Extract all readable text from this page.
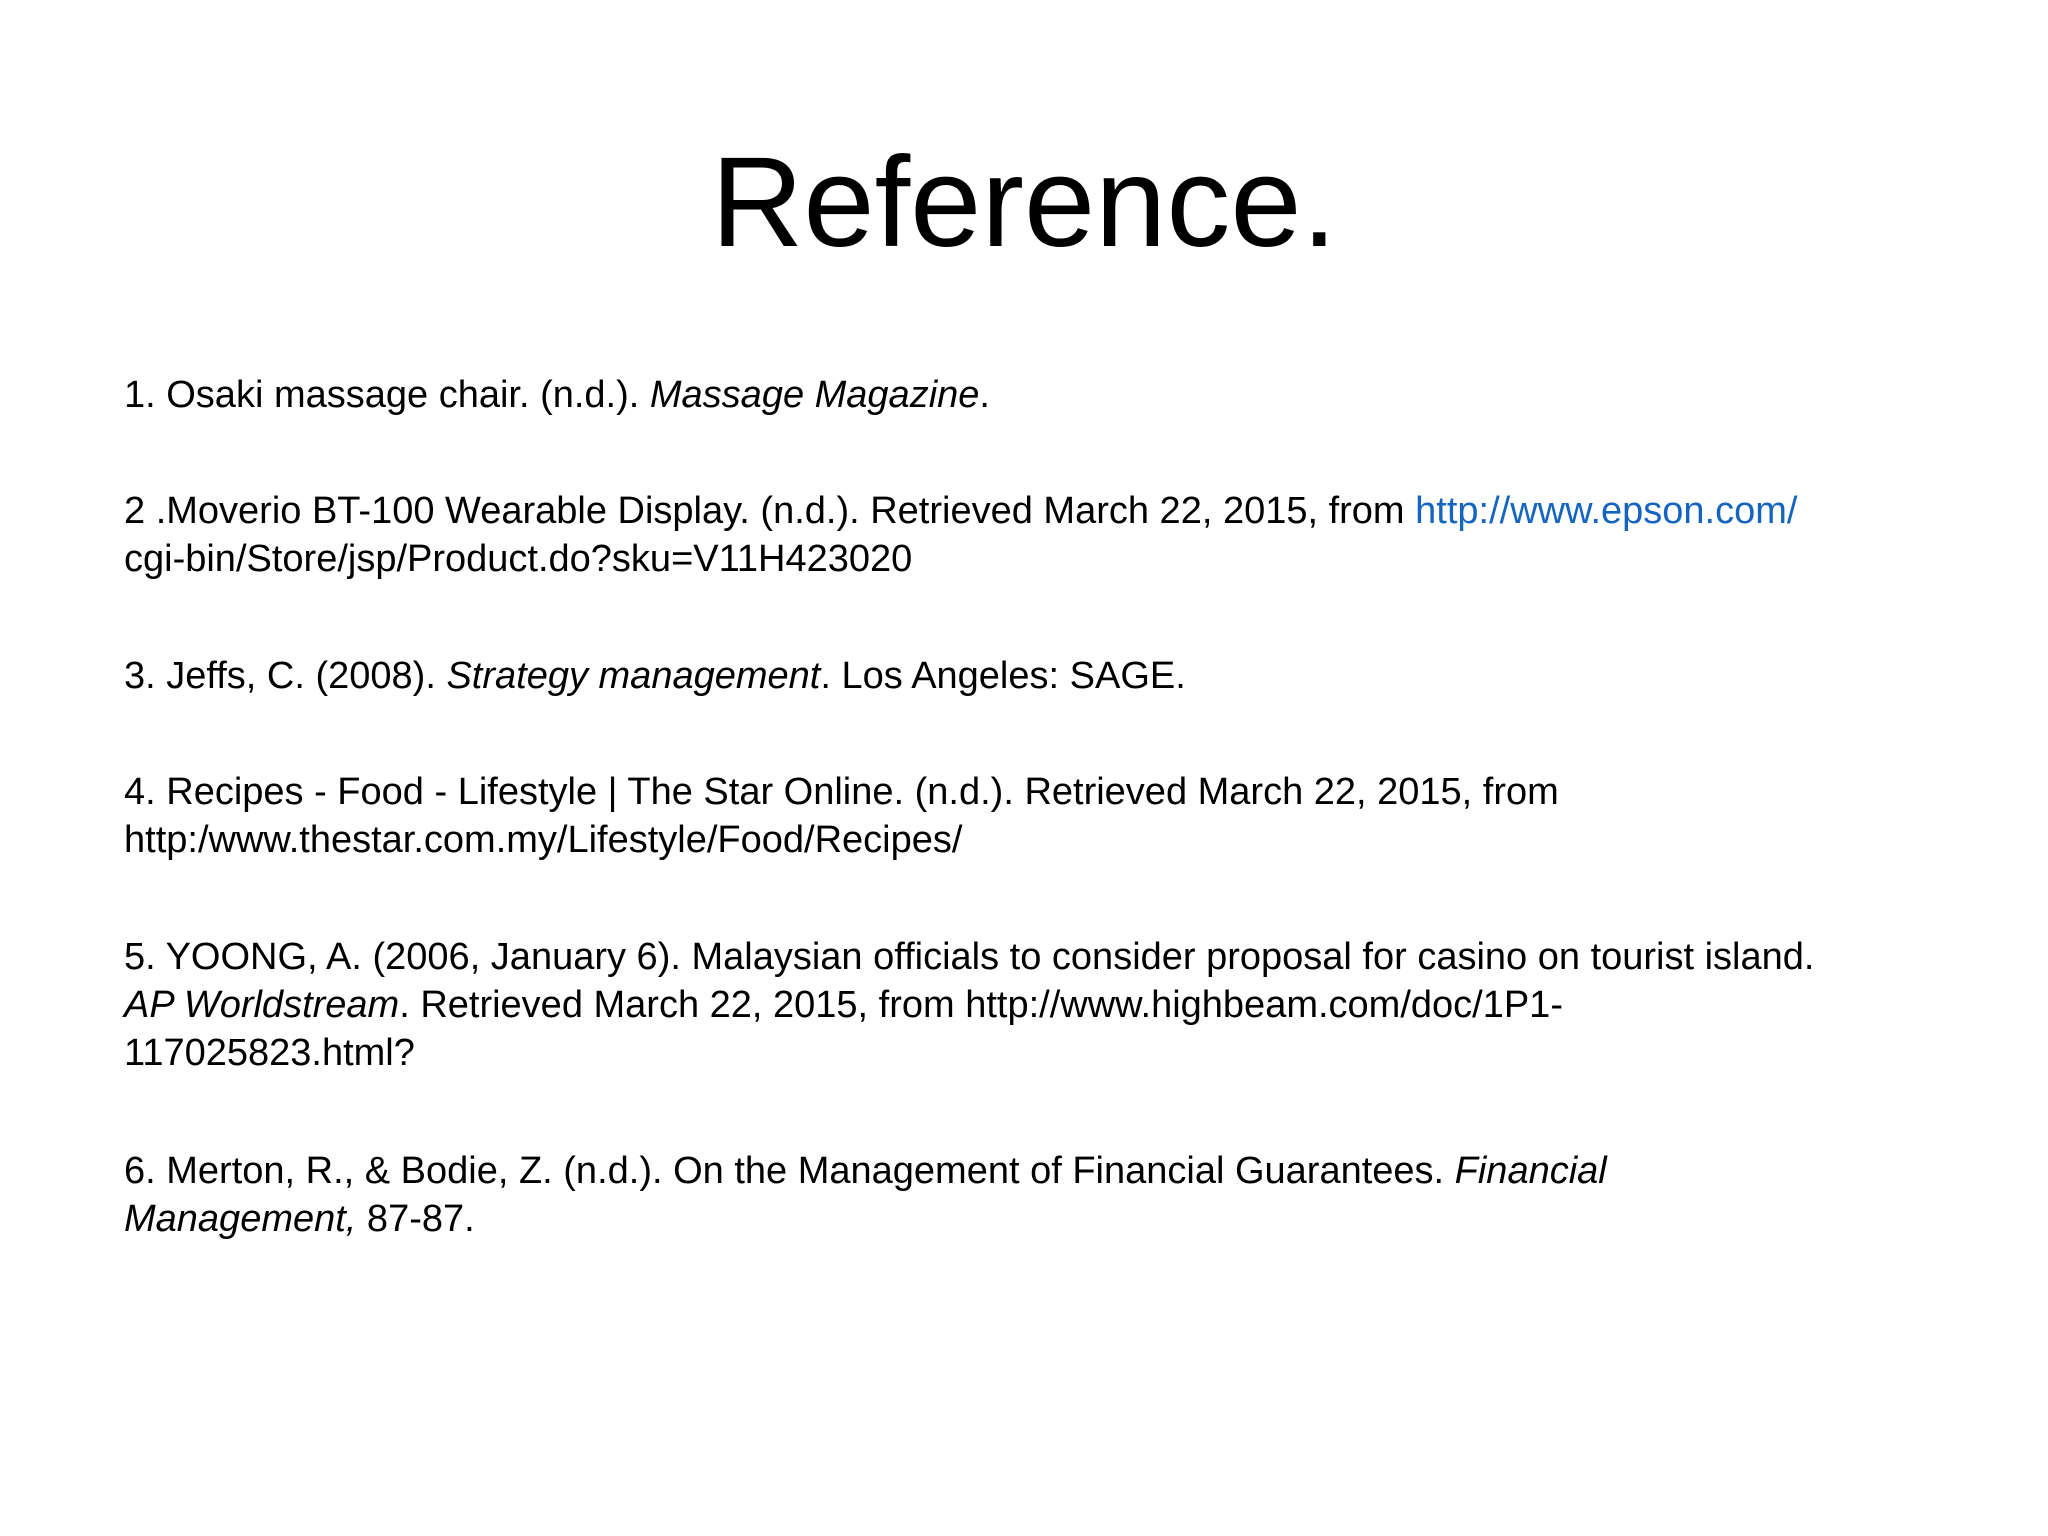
Reference.
1. Osaki massage chair. (n.d.). Massage Magazine.
2 .Moverio BT-100 Wearable Display. (n.d.). Retrieved March 22, 2015, from http://www.epson.com/
cgi-bin/Store/jsp/Product.do?sku=V11H423020
3. Jeffs, C. (2008). Strategy management. Los Angeles: SAGE.
4. Recipes - Food - Lifestyle | The Star Online. (n.d.). Retrieved March 22, 2015, from
http:/www.thestar.com.my/Lifestyle/Food/Recipes/
5. YOONG, A. (2006, January 6). Malaysian officials to consider proposal for casino on tourist island.
AP Worldstream. Retrieved March 22, 2015, from http://www.highbeam.com/doc/1P1-
117025823.html?
6. Merton, R., & Bodie, Z. (n.d.). On the Management of Financial Guarantees. Financial
Management, 87-87.
